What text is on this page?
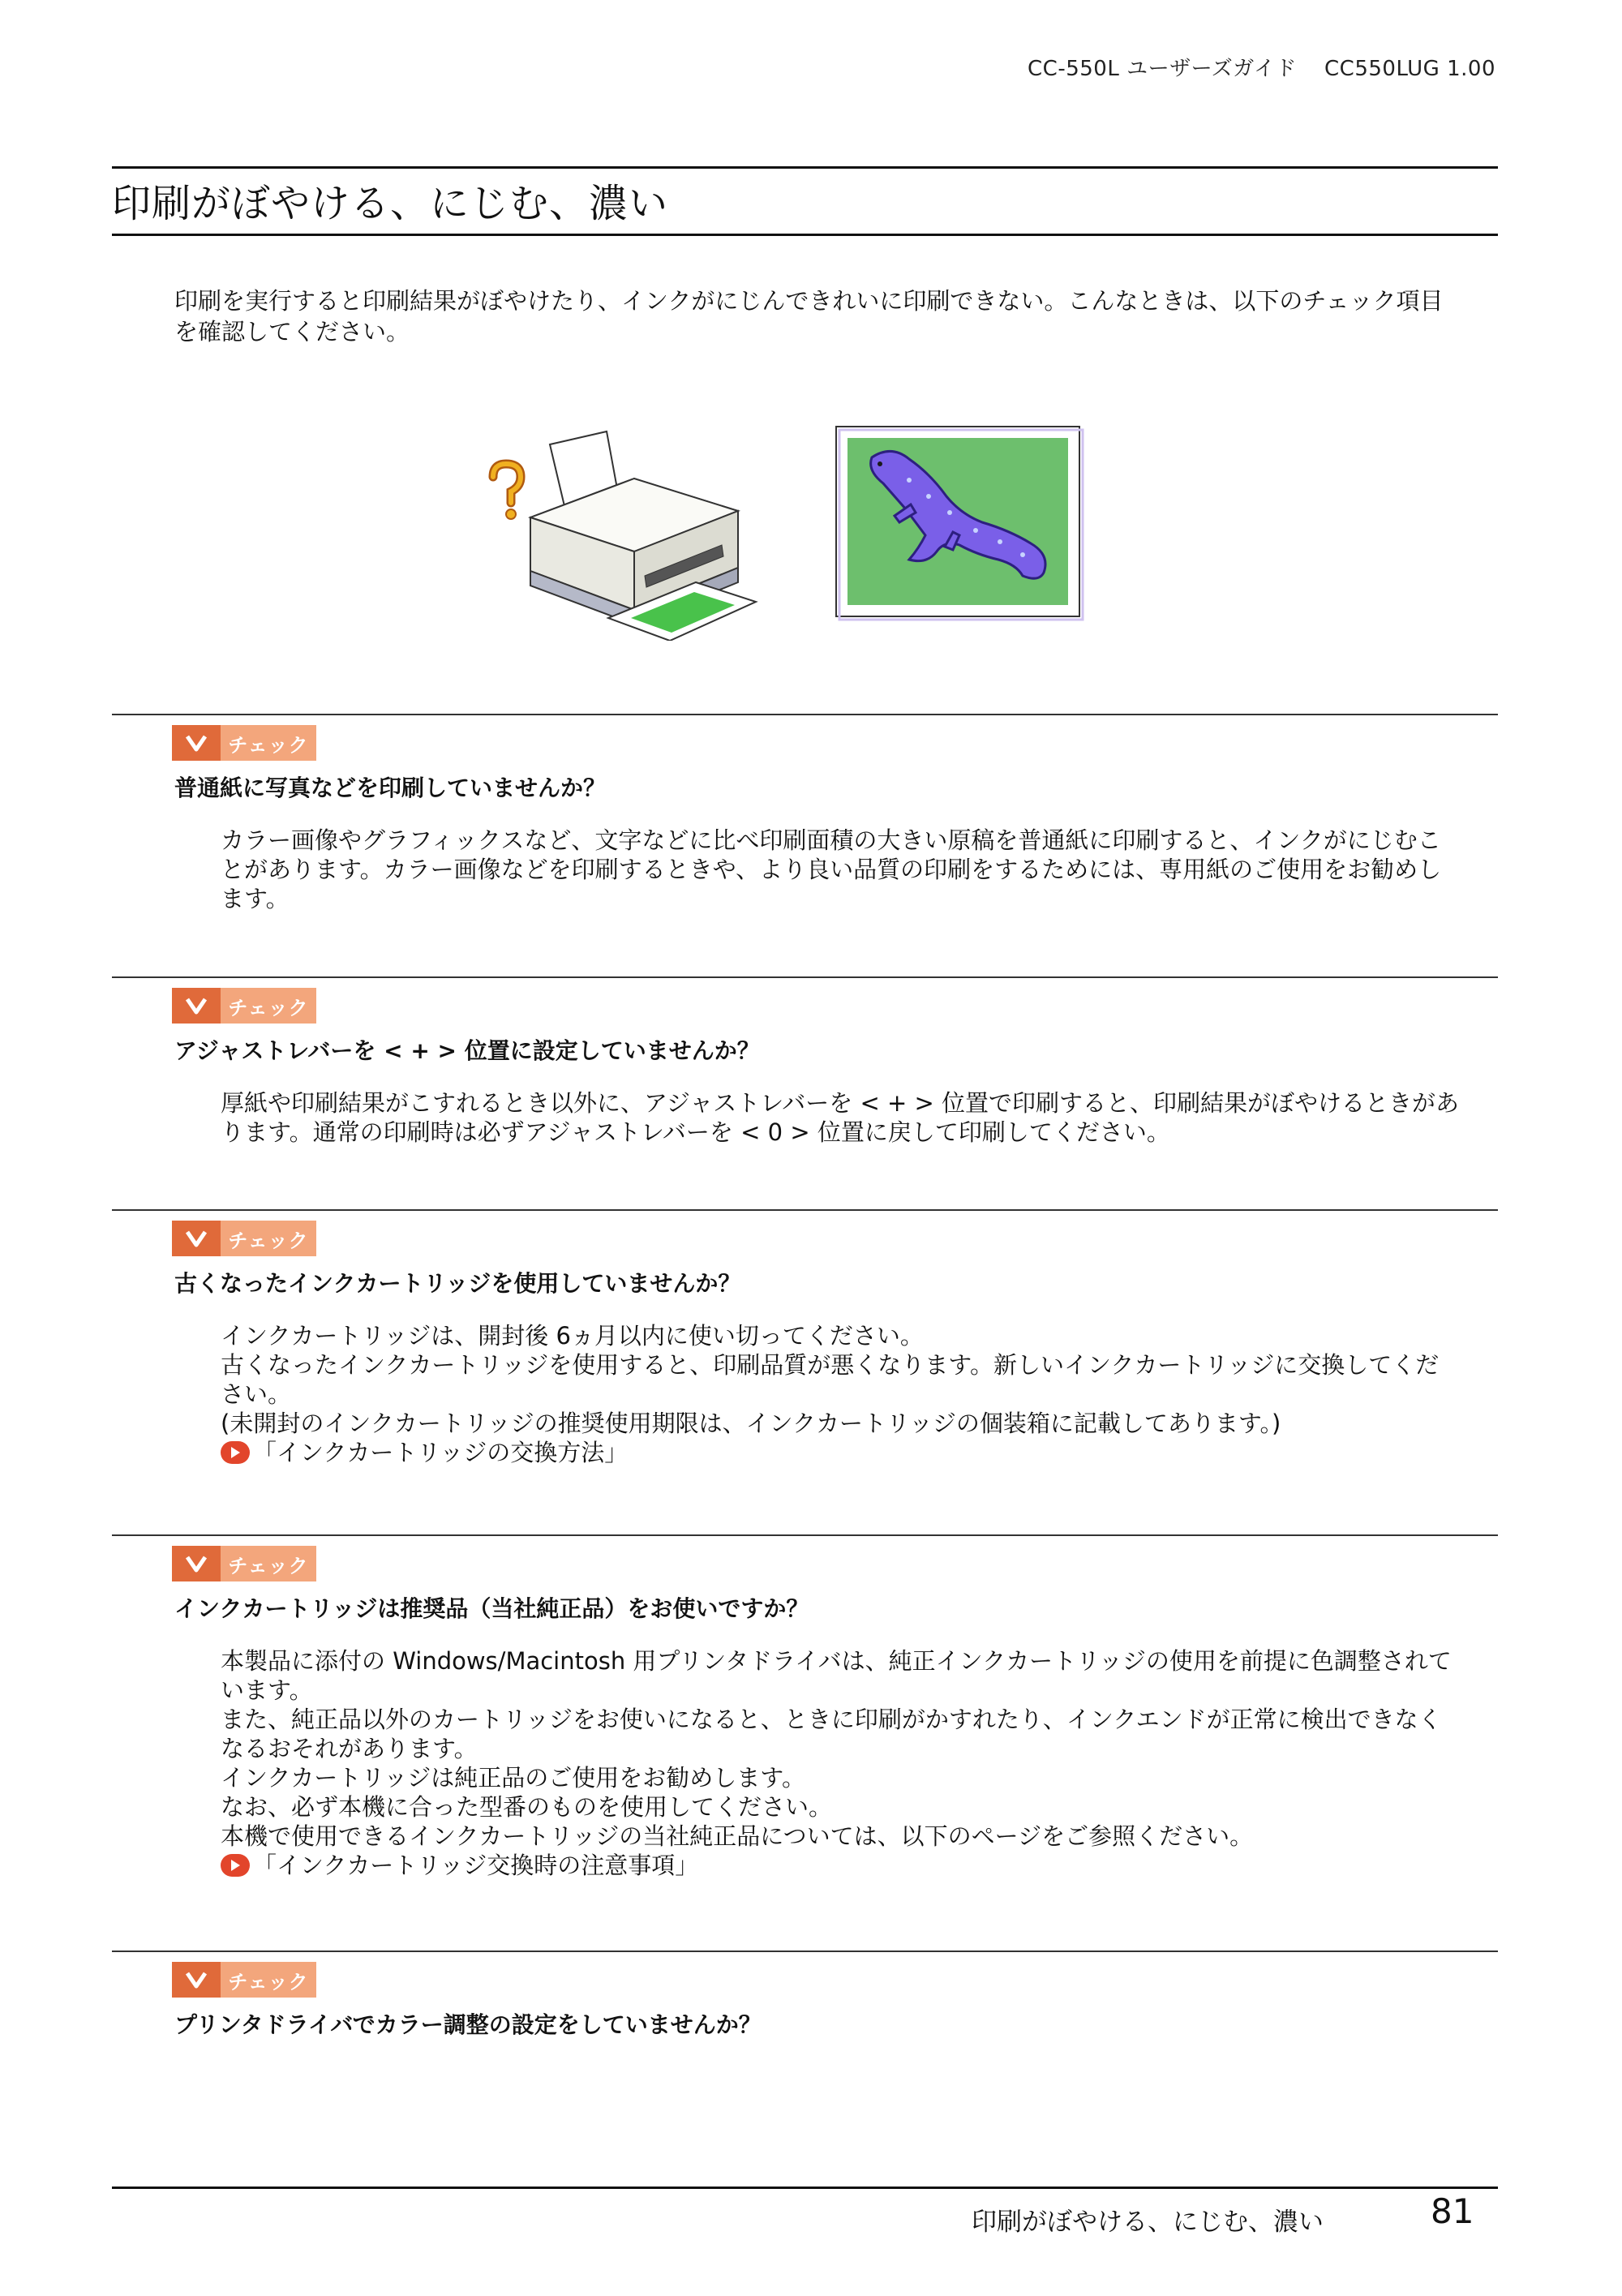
CC-550L ユーザーズガイド CC550LUG 1.00
印刷がぼやける、にじむ、濃い
印刷を実行すると印刷結果がぼやけたり、インクがにじんできれいに印刷できない。こんなときは、以下のチェック項目
を確認してください。
チェック
普通紙に写真などを印刷していませんか？

カラー画像やグラフィックスなど、文字などに比べ印刷面積の大きい原稿を普通紙に印刷すると、インクがにじむこ

とがあります。カラー画像などを印刷するときや、より良い品質の印刷をするためには、専用紙のご使用をお勧めし

ます。

チェック
アジャストレバーを < + > 位置に設定していませんか？

厚紙や印刷結果がこすれるとき以外に、アジャストレバーを < + > 位置で印刷すると、印刷結果がぼやけるときがあ

ります。通常の印刷時は必ずアジャストレバーを < 0 > 位置に戻して印刷してください。

チェック
古くなったインクカートリッジを使用していませんか？

インクカートリッジは、開封後 6ヵ月以内に使い切ってください。

古くなったインクカートリッジを使用すると、印刷品質が悪くなります。新しいインクカートリッジに交換してくだ

さい。

(未開封のインクカートリッジの推奨使用期限は、インクカートリッジの個装箱に記載してあります。)

「インクカートリッジの交換方法」
チェック
インクカートリッジは推奨品（当社純正品）をお使いですか？

本製品に添付の Windows/Macintosh 用プリンタドライバは、純正インクカートリッジの使用を前提に色調整されて

います。

また、純正品以外のカートリッジをお使いになると、ときに印刷がかすれたり、インクエンドが正常に検出できなく

なるおそれがあります。

インクカートリッジは純正品のご使用をお勧めします。

なお、必ず本機に合った型番のものを使用してください。

本機で使用できるインクカートリッジの当社純正品については、以下のページをご参照ください。

「インクカートリッジ交換時の注意事項」
チェック
プリンタドライバでカラー調整の設定をしていませんか？
印刷がぼやける、にじむ、濃い	81
